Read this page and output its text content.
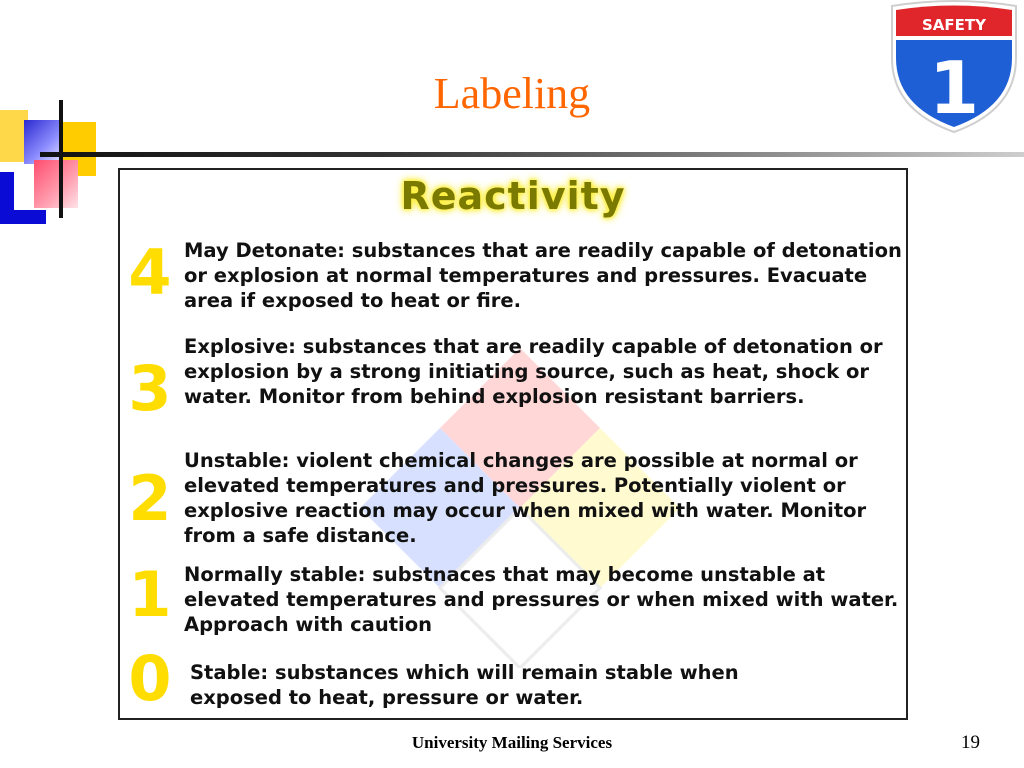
Labeling
SAFETY
1
Reactivity
4 May Detonate: substances that are readily capable of detonation or explosion at normal temperatures and pressures. Evacuate area if exposed to heat or fire.
3
Explosive: substances that are readily capable of detonation or explosion by a strong initiating source, such as heat, shock or water. Monitor from behind explosion resistant barriers.
2
Unstable: violent chemical changes are possible at normal or elevated temperatures and pressures. Potentially violent or explosive reaction may occur when mixed with water. Monitor from a safe distance.
1 Normally stable: substnaces that may become unstable at elevated temperatures and pressures or when mixed with water. Approach with caution
0 Stable: substances which will remain stable when exposed to heat, pressure or water.
University Mailing Services	19
